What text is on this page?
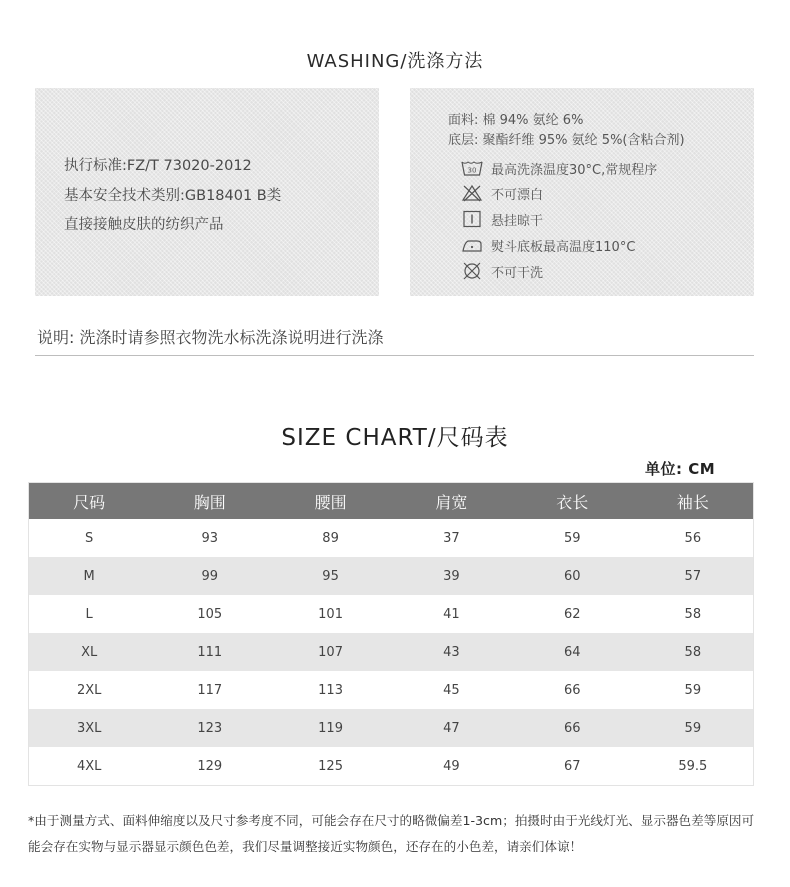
WASHING/洗涤方法
执行标准:FZ/T 73020-2012
基本安全技术类别:GB18401 B类
直接接触皮肤的纺织产品
面料: 棉 94% 氨纶 6%
底层: 聚酯纤维 95% 氨纶 5%(含粘合剂)
30 最高洗涤温度30°C,常规程序
不可漂白
悬挂晾干
熨斗底板最高温度110°C
不可干洗
说明: 洗涤时请参照衣物洗水标洗涤说明进行洗涤
SIZE CHART/尺码表
单位: CM
尺码	胸围	腰围	肩宽	衣长	袖长
S	93	89	37	59	56
M	99	95	39	60	57
L	105	101	41	62	58
XL	111	107	43	64	58
2XL	117	113	45	66	59
3XL	123	119	47	66	59
4XL	129	125	49	67	59.5
*由于测量方式、面料伸缩度以及尺寸参考度不同，可能会存在尺寸的略微偏差1-3cm；拍摄时由于光线灯光、显示器色差等原因可能会存在实物与显示器显示颜色色差，我们尽量调整接近实物颜色，还存在的小色差，请亲们体谅！
